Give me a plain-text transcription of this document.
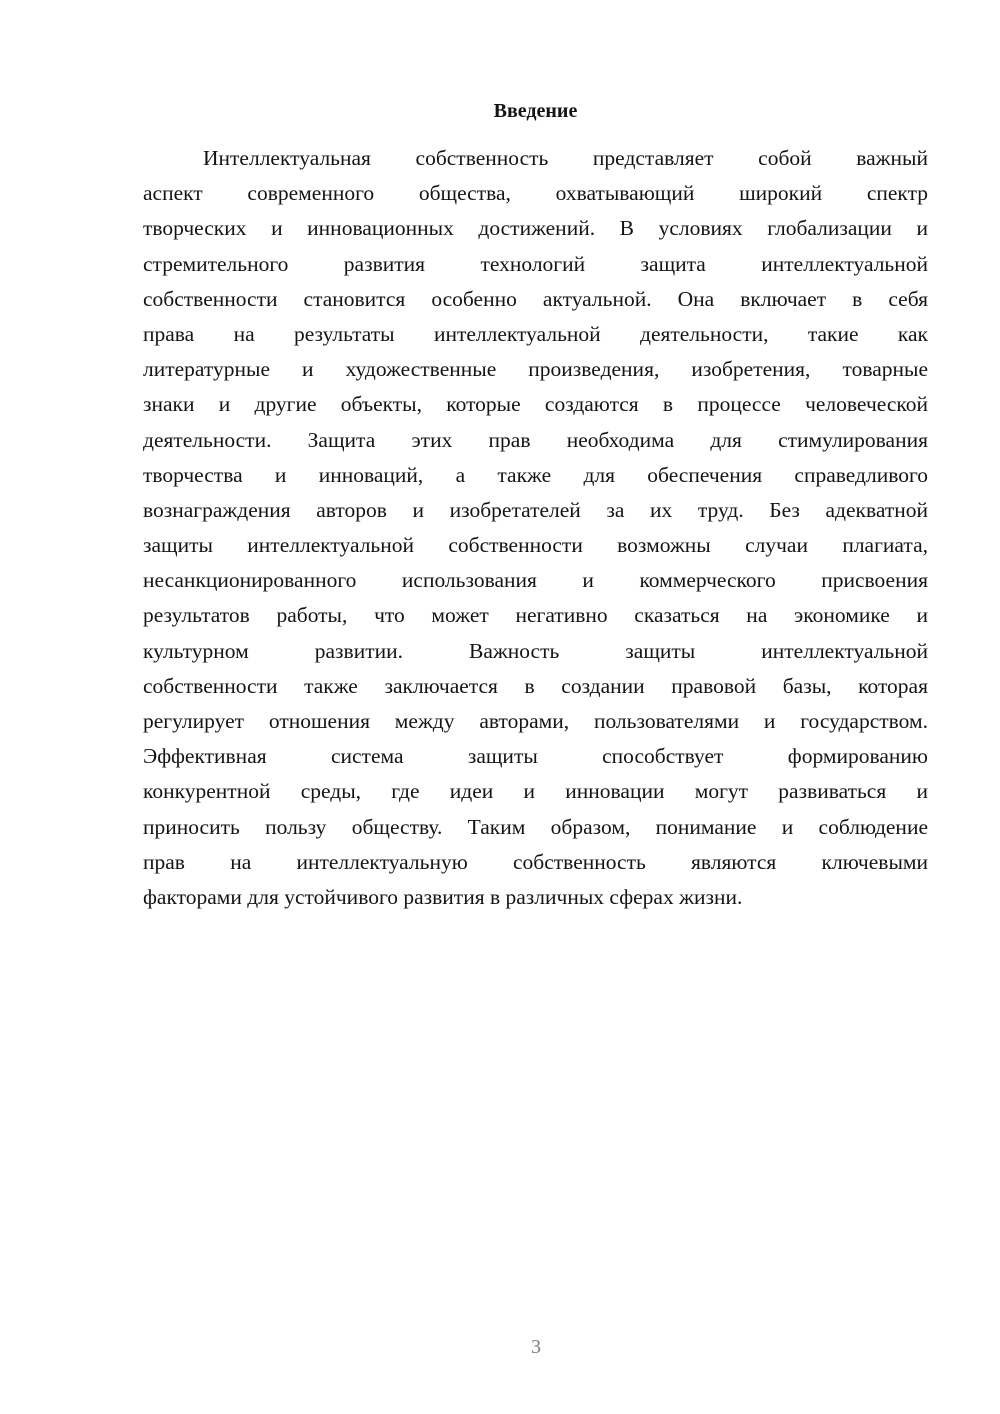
Введение
Интеллектуальная собственность представляет собой важный
аспект современного общества, охватывающий широкий спектр
творческих и инновационных достижений. В условиях глобализации и
стремительного развития технологий защита интеллектуальной
собственности становится особенно актуальной. Она включает в себя
права на результаты интеллектуальной деятельности, такие как
литературные и художественные произведения, изобретения, товарные
знаки и другие объекты, которые создаются в процессе человеческой
деятельности. Защита этих прав необходима для стимулирования
творчества и инноваций, а также для обеспечения справедливого
вознаграждения авторов и изобретателей за их труд. Без адекватной
защиты интеллектуальной собственности возможны случаи плагиата,
несанкционированного использования и коммерческого присвоения
результатов работы, что может негативно сказаться на экономике и
культурном развитии. Важность защиты интеллектуальной
собственности также заключается в создании правовой базы, которая
регулирует отношения между авторами, пользователями и государством.
Эффективная система защиты способствует формированию
конкурентной среды, где идеи и инновации могут развиваться и
приносить пользу обществу. Таким образом, понимание и соблюдение
прав на интеллектуальную собственность являются ключевыми
факторами для устойчивого развития в различных сферах жизни.
3
